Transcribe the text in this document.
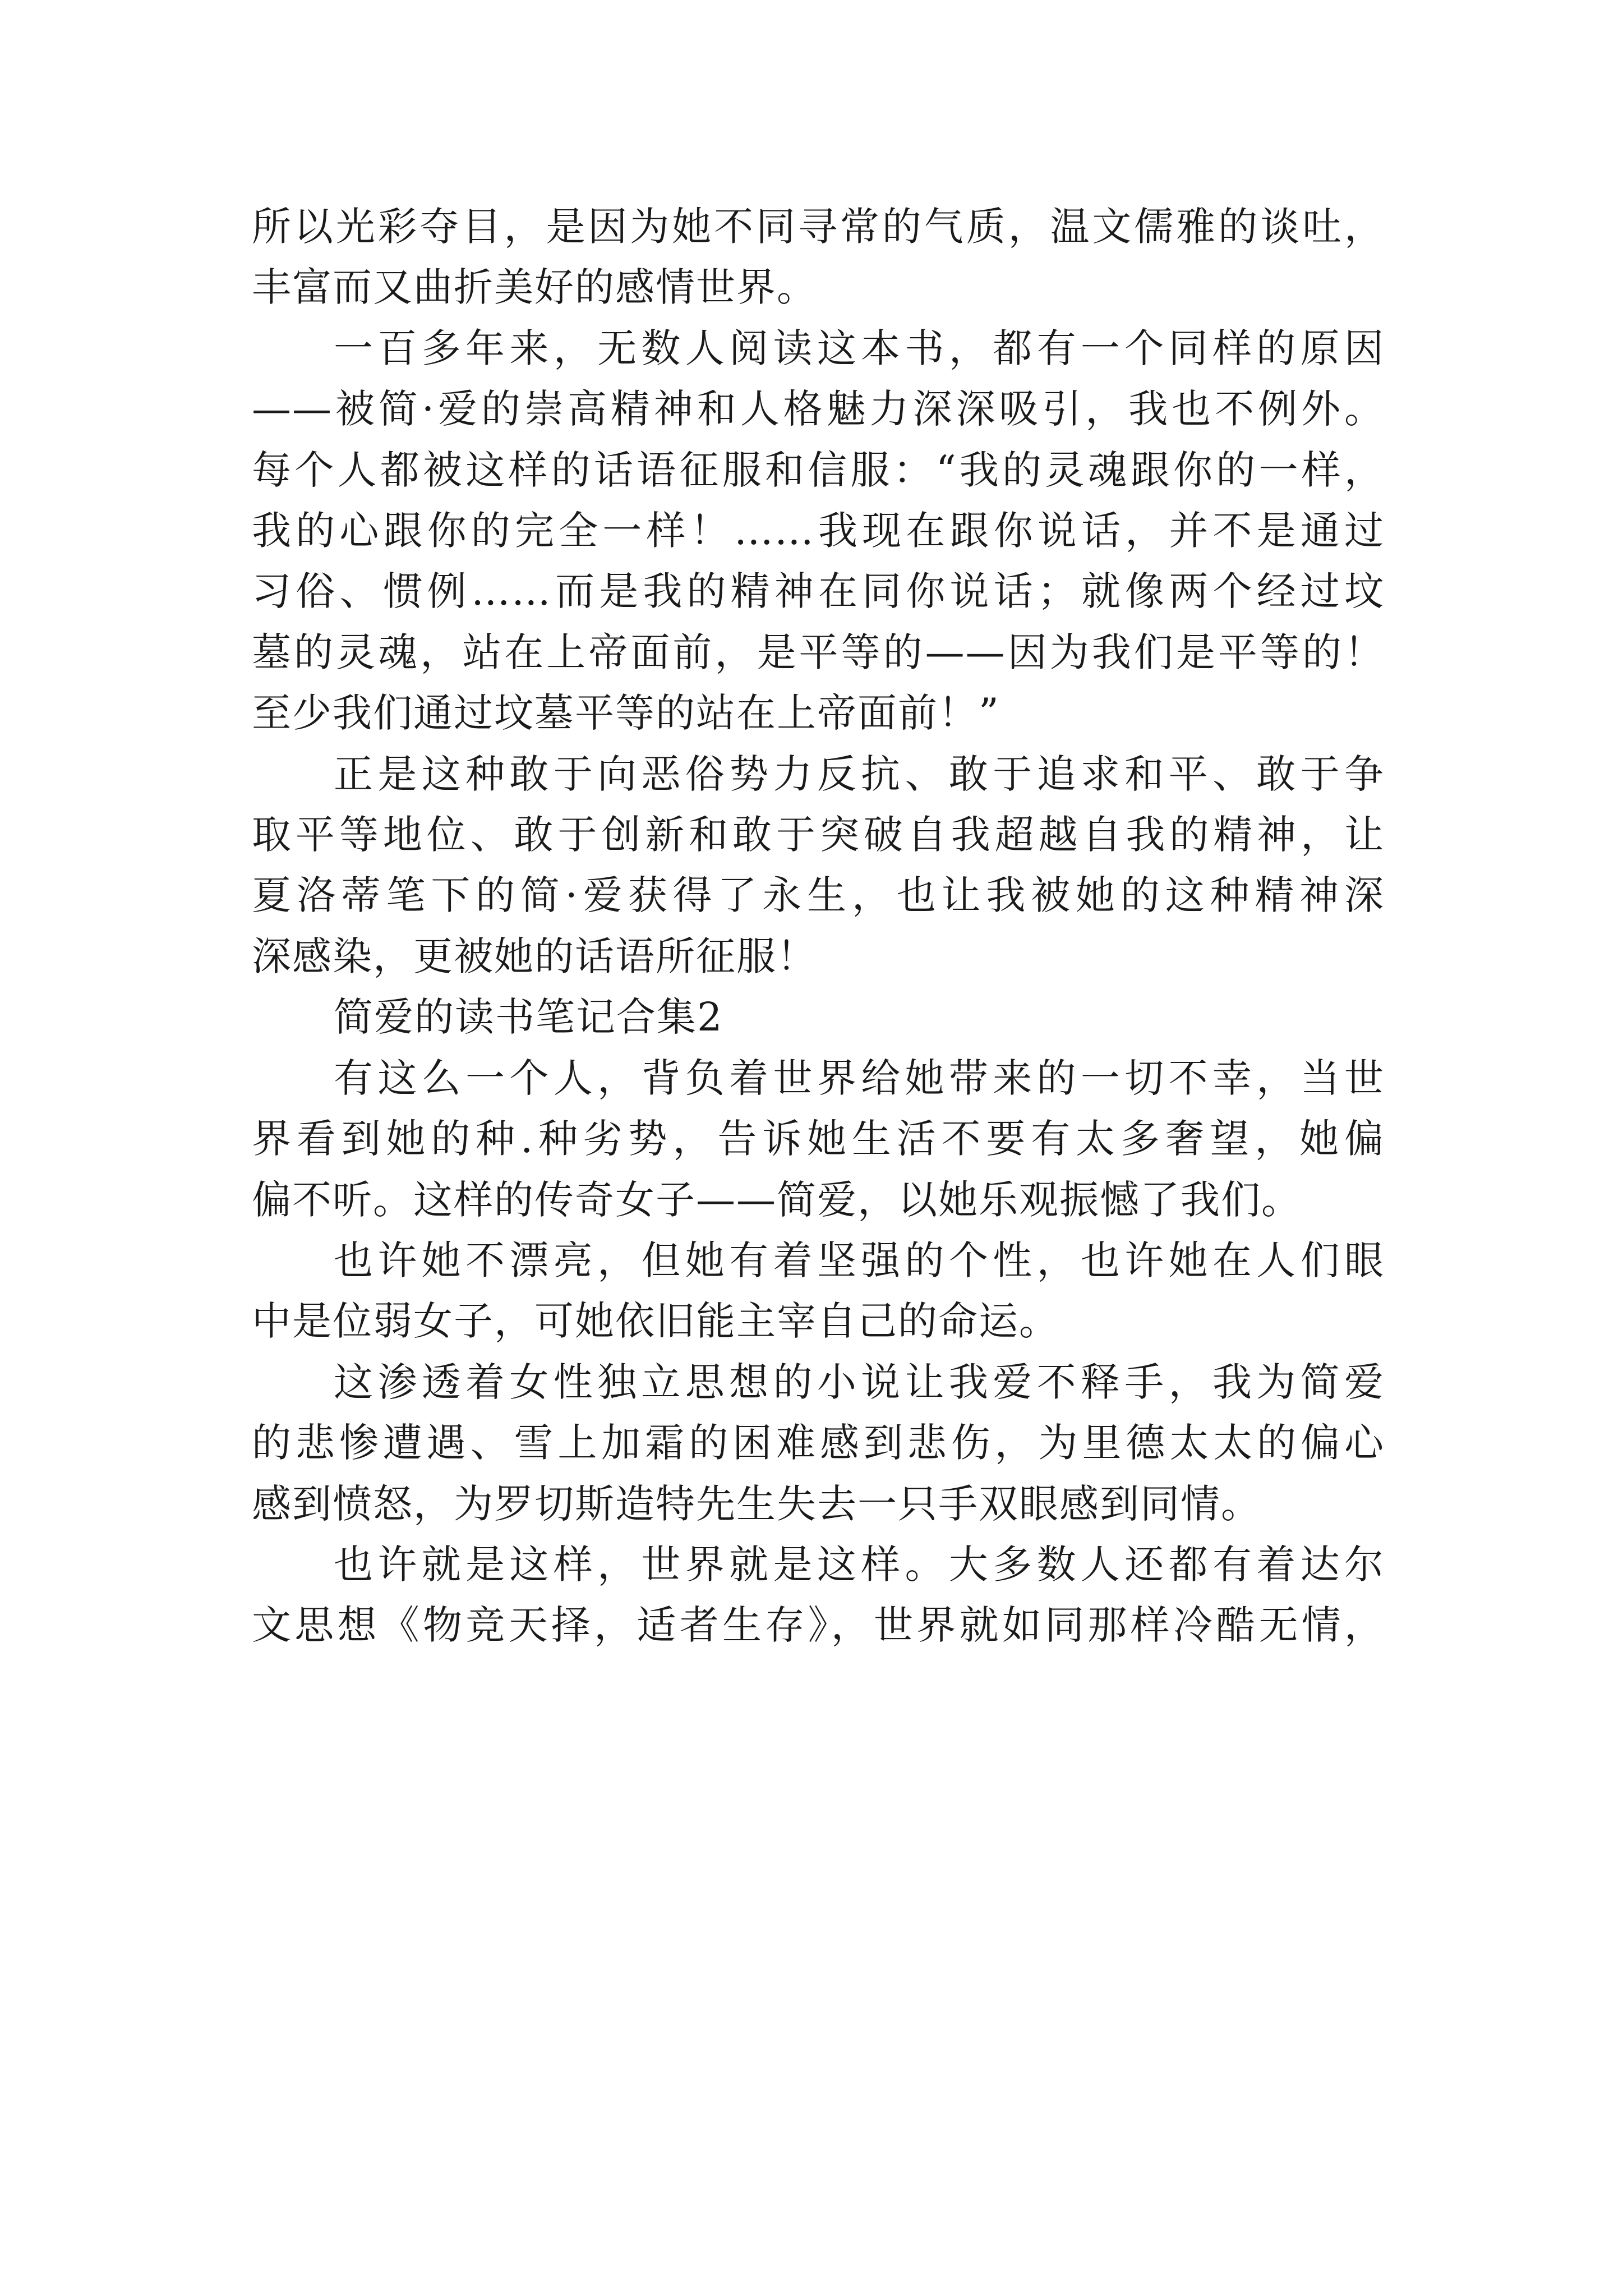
所以光彩夺目，是因为她不同寻常的气质，温文儒雅的谈吐，
丰富而又曲折美好的感情世界。

一百多年来，无数人阅读这本书，都有一个同样的原因
——被简·爱的崇高精神和人格魅力深深吸引，我也不例外。
每个人都被这样的话语征服和信服：“我的灵魂跟你的一样，
我的心跟你的完全一样！……我现在跟你说话，并不是通过
习俗、惯例……而是我的精神在同你说话；就像两个经过坟
墓的灵魂，站在上帝面前，是平等的——因为我们是平等的！
至少我们通过坟墓平等的站在上帝面前！”

正是这种敢于向恶俗势力反抗、敢于追求和平、敢于争
取平等地位、敢于创新和敢于突破自我超越自我的精神，让
夏洛蒂笔下的简·爱获得了永生，也让我被她的这种精神深
深感染，更被她的话语所征服！

简爱的读书笔记合集2

有这么一个人，背负着世界给她带来的一切不幸，当世
界看到她的种.种劣势，告诉她生活不要有太多奢望，她偏
偏不听。这样的传奇女子——简爱，以她乐观振憾了我们。

也许她不漂亮，但她有着坚强的个性，也许她在人们眼
中是位弱女子，可她依旧能主宰自己的命运。

这渗透着女性独立思想的小说让我爱不释手，我为简爱
的悲惨遭遇、雪上加霜的困难感到悲伤，为里德太太的偏心
感到愤怒，为罗切斯造特先生失去一只手双眼感到同情。

也许就是这样，世界就是这样。大多数人还都有着达尔
文思想《物竞天择，适者生存》，世界就如同那样冷酷无情，
